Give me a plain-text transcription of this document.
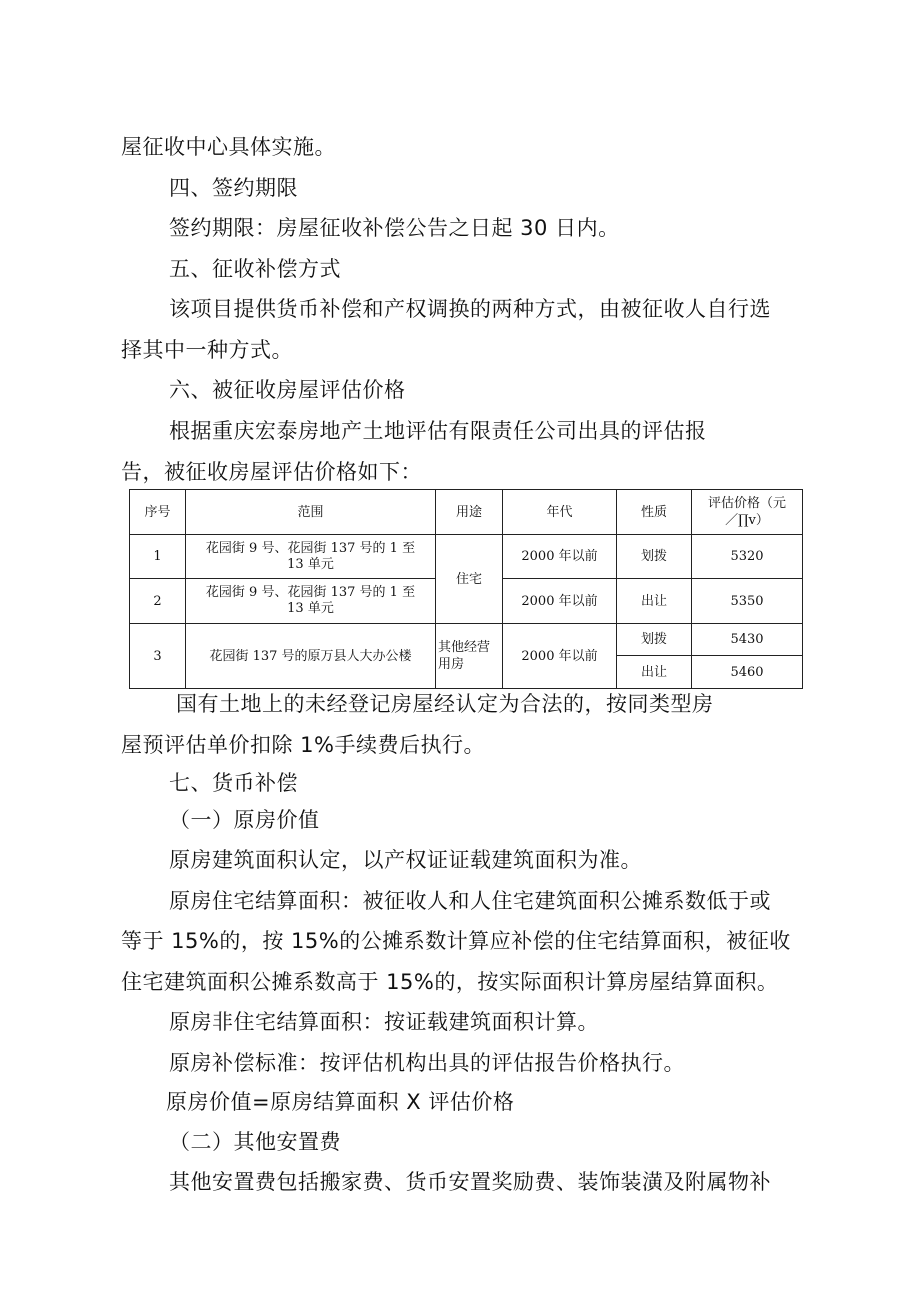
屋征收中心具体实施。
四、签约期限
签约期限：房屋征收补偿公告之日起 30 日内。
五、征收补偿方式
该项目提供货币补偿和产权调换的两种方式，由被征收人自行选
择其中一种方式。
六、被征收房屋评估价格
根据重庆宏泰房地产土地评估有限责任公司出具的评估报
告，被征收房屋评估价格如下：
序号	范围	用途	年代	性质	评估价格（元
／∏v）

1	花园街 9 号、花园街 137 号的 1 至
13 单元	住宅	2000 年以前	划拨	5320
2	花园街 9 号、花园街 137 号的 1 至
13 单元		2000 年以前	出让	5350
3	花园街 137 号的原万县人大办公楼	其他经营
用房	2000 年以前	划拨	5430
				出让	5460
国有土地上的未经登记房屋经认定为合法的，按同类型房
屋预评估单价扣除 1%手续费后执行。
七、货币补偿
（一）原房价值
原房建筑面积认定，以产权证证载建筑面积为准。
原房住宅结算面积：被征收人和人住宅建筑面积公摊系数低于或
等于 15%的，按 15%的公摊系数计算应补偿的住宅结算面积，被征收
住宅建筑面积公摊系数高于 15%的，按实际面积计算房屋结算面积。
原房非住宅结算面积：按证载建筑面积计算。
原房补偿标准：按评估机构出具的评估报告价格执行。
原房价值=原房结算面积 X 评估价格
（二）其他安置费
其他安置费包括搬家费、货币安置奖励费、装饰装潢及附属物补
